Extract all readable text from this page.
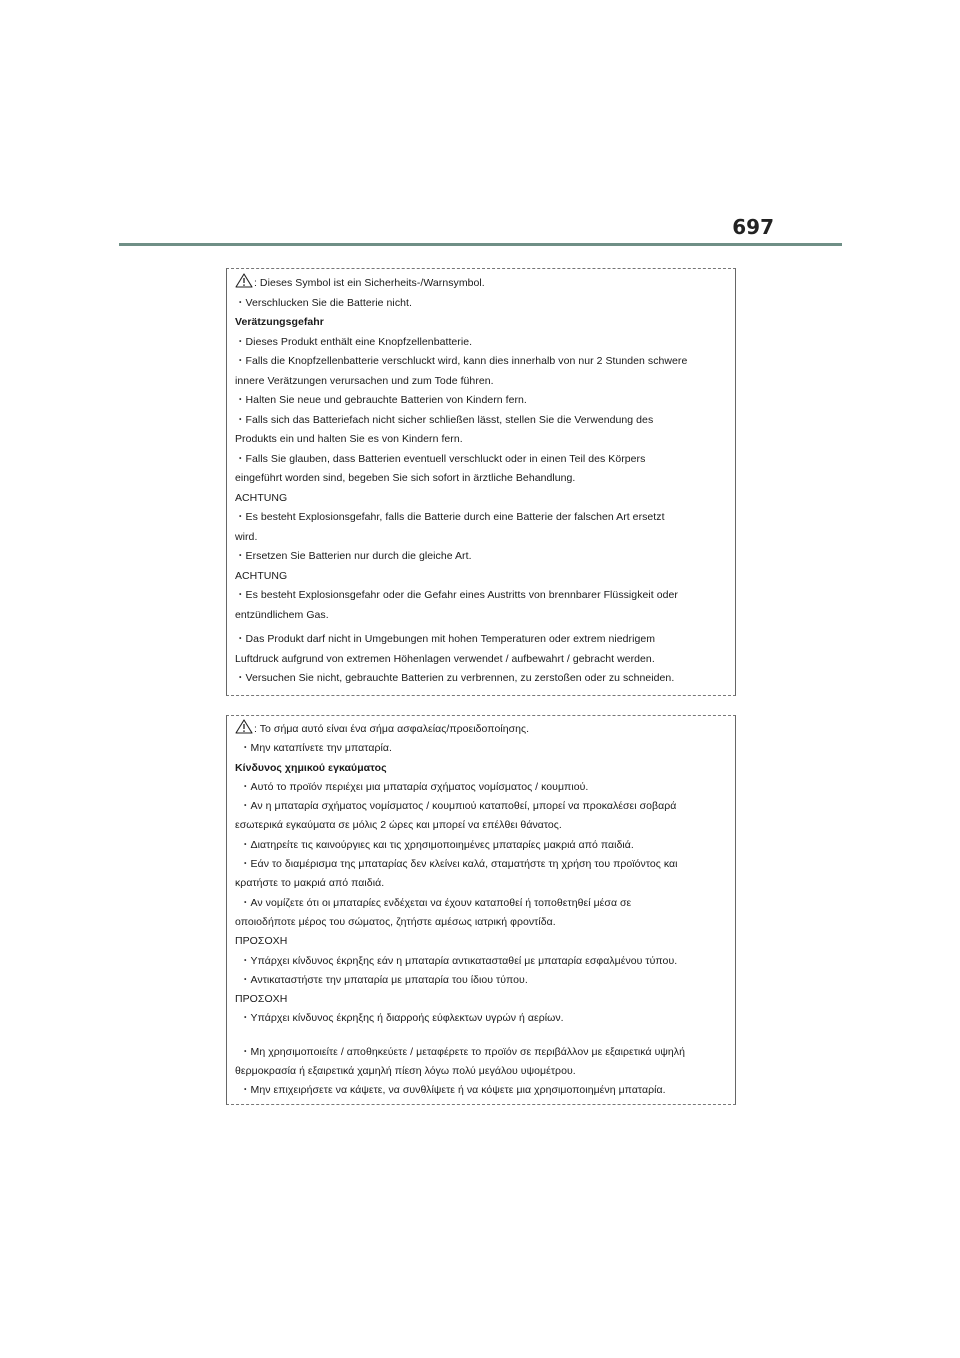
697
: Dieses Symbol ist ein Sicherheits-/Warnsymbol.
・Verschlucken Sie die Batterie nicht.
Verätzungsgefahr
・Dieses Produkt enthält eine Knopfzellenbatterie.
・Falls die Knopfzellenbatterie verschluckt wird, kann dies innerhalb von nur 2 Stunden schwere
innere Verätzungen verursachen und zum Tode führen.
・Halten Sie neue und gebrauchte Batterien von Kindern fern.
・Falls sich das Batteriefach nicht sicher schließen lässt, stellen Sie die Verwendung des
Produkts ein und halten Sie es von Kindern fern.
・Falls Sie glauben, dass Batterien eventuell verschluckt oder in einen Teil des Körpers
eingeführt worden sind, begeben Sie sich sofort in ärztliche Behandlung.
ACHTUNG
・Es besteht Explosionsgefahr, falls die Batterie durch eine Batterie der falschen Art ersetzt
wird.
・Ersetzen Sie Batterien nur durch die gleiche Art.
ACHTUNG
・Es besteht Explosionsgefahr oder die Gefahr eines Austritts von brennbarer Flüssigkeit oder
entzündlichem Gas.
・Das Produkt darf nicht in Umgebungen mit hohen Temperaturen oder extrem niedrigem
Luftdruck aufgrund von extremen Höhenlagen verwendet / aufbewahrt / gebracht werden.
・Versuchen Sie nicht, gebrauchte Batterien zu verbrennen, zu zerstoßen oder zu schneiden.
: Το σήμα αυτό είναι ένα σήμα ασφαλείας/προειδοποίησης.
・Μην καταπίνετε την μπαταρία.
Κίνδυνος χημικού εγκαύματος
・Αυτό το προϊόν περιέχει μια μπαταρία σχήματος νομίσματος / κουμπιού.
・Αν η μπαταρία σχήματος νομίσματος / κουμπιού καταποθεί, μπορεί να προκαλέσει σοβαρά
εσωτερικά εγκαύματα σε μόλις 2 ώρες και μπορεί να επέλθει θάνατος.
・Διατηρείτε τις καινούργιες και τις χρησιμοποιημένες μπαταρίες μακριά από παιδιά.
・Εάν το διαμέρισμα της μπαταρίας δεν κλείνει καλά, σταματήστε τη χρήση του προϊόντος και
κρατήστε το μακριά από παιδιά.
・Αν νομίζετε ότι οι μπαταρίες ενδέχεται να έχουν καταποθεί ή τοποθετηθεί μέσα σε
οποιοδήποτε μέρος του σώματος, ζητήστε αμέσως ιατρική φροντίδα.
ΠΡΟΣΟΧΗ
・Υπάρχει κίνδυνος έκρηξης εάν η μπαταρία αντικατασταθεί με μπαταρία εσφαλμένου τύπου.
・Αντικαταστήστε την μπαταρία με μπαταρία του ίδιου τύπου.
ΠΡΟΣΟΧΗ
・Υπάρχει κίνδυνος έκρηξης ή διαρροής εύφλεκτων υγρών ή αερίων.
・Μη χρησιμοποιείτε / αποθηκεύετε / μεταφέρετε το προϊόν σε περιβάλλον με εξαιρετικά υψηλή
θερμοκρασία ή εξαιρετικά χαμηλή πίεση λόγω πολύ μεγάλου υψομέτρου.
・Μην επιχειρήσετε να κάψετε, να συνθλίψετε ή να κόψετε μια χρησιμοποιημένη μπαταρία.
